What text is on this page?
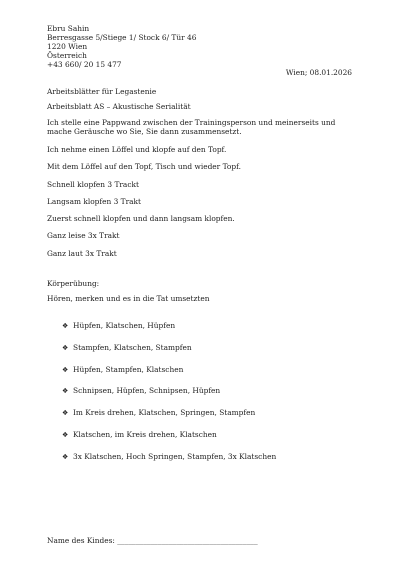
Ebru Sahin
Berresgasse 5/Stiege 1/ Stock 6/ Tür 46
1220 Wien
Österreich
+43 660/ 20 15 477
Wien; 08.01.2026
Arbeitsblätter für Legastenie
Arbeitsblatt AS – Akustische Serialität
Ich stelle eine Pappwand zwischen der Trainingsperson und meinerseits und mache Geräusche wo Sie, Sie dann zusammensetzt.
Ich nehme einen Löffel und klopfe auf den Topf.
Mit dem Löffel auf den Topf, Tisch und wieder Topf.
Schnell klopfen 3 Trackt
Langsam klopfen 3 Trakt
Zuerst schnell klopfen und dann langsam klopfen.
Ganz leise 3x Trakt
Ganz laut 3x Trakt
Körperübung:
Hören, merken und es in die Tat umsetzten
❖ Hüpfen, Klatschen, Hüpfen
❖ Stampfen, Klatschen, Stampfen
❖ Hüpfen, Stampfen, Klatschen
❖ Schnipsen, Hüpfen, Schnipsen, Hüpfen
❖ Im Kreis drehen, Klatschen, Springen, Stampfen
❖ Klatschen, im Kreis drehen, Klatschen
❖ 3x Klatschen, Hoch Springen, Stampfen, 3x Klatschen
Name des Kindes: ______________________________________
